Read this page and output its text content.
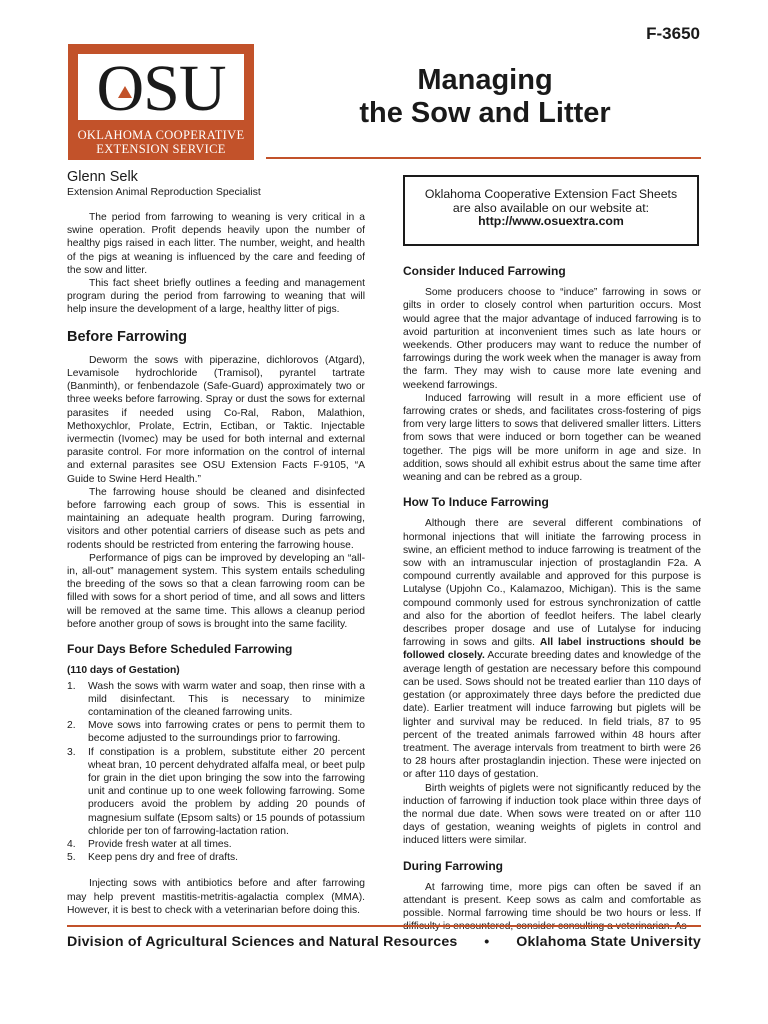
F-3650
OSU
OKLAHOMA COOPERATIVE
EXTENSION SERVICE
Managing
the Sow and Litter
Glenn Selk
Extension Animal Reproduction Specialist	Oklahoma Cooperative Extension Fact Sheets
are also available on our website at:
http://www.osuextra.com

The period from farrowing to weaning is very critical in a swine operation. Profit depends heavily upon the number of healthy pigs raised in each litter. The number, weight, and health of the pigs at weaning is influenced by the care and feeding of the sow and litter.

This fact sheet briefly outlines a feeding and management program during the period from farrowing to weaning that will help insure the development of a large, healthy litter of pigs.

Before Farrowing

Deworm the sows with piperazine, dichlorovos (Atgard), Levamisole hydrochloride (Tramisol), pyrantel tartrate (Banminth), or fenbendazole (Safe-Guard) approximately two or three weeks before farrowing. Spray or dust the sows for external parasites if needed using Co-Ral, Rabon, Malathion, Methoxychlor, Prolate, Ectrin, Ectiban, or Taktic. Injectable ivermectin (Ivomec) may be used for both internal and external parasite control. For more information on the control of internal and external parasites see OSU Extension Facts F-9105, “A Guide to Swine Herd Health.”

The farrowing house should be cleaned and disinfected before farrowing each group of sows. This is essential in maintaining an adequate health program. During farrowing, visitors and other potential carriers of disease such as pets and rodents should be restricted from entering the farrowing house.

Performance of pigs can be improved by developing an “all-in, all-out” management system. This system entails scheduling the breeding of the sows so that a clean farrowing room can be filled with sows for a short period of time, and all sows and litters will be removed at the same time. This allows a cleanup period before another group of sows is brought into the same facility.

Four Days Before Scheduled Farrowing

(110 days of Gestation)

1. Wash the sows with warm water and soap, then rinse with a mild disinfectant. This is necessary to minimize contamination of the cleaned farrowing units.
2. Move sows into farrowing crates or pens to permit them to become adjusted to the surroundings prior to farrowing.
3. If constipation is a problem, substitute either 20 percent wheat bran, 10 percent dehydrated alfalfa meal, or beet pulp for grain in the diet upon bringing the sow into the farrowing unit and continue up to one week following farrowing. Some producers avoid the problem by adding 20 pounds of magnesium sulfate (Epsom salts) or 15 pounds of potassium chloride per ton of farrowing-lactation ration.
4. Provide fresh water at all times.
5. Keep pens dry and free of drafts.

Injecting sows with antibiotics before and after farrowing may help prevent mastitis-metritis-agalactia complex (MMA). However, it is best to check with a veterinarian before doing this.

Consider Induced Farrowing

Some producers choose to “induce” farrowing in sows or gilts in order to closely control when parturition occurs. Most would agree that the major advantage of induced farrowing is to avoid parturition at inconvenient times such as late hours or weekends. Other producers may want to reduce the number of farrowings during the work week when the manager is away from the farm. They may wish to cause more late evening and weekend farrowings.

Induced farrowing will result in a more efficient use of farrowing crates or sheds, and facilitates cross-fostering of pigs from very large litters to sows that delivered smaller litters. Litters from sows that were induced or born together can be weaned together. The pigs will be more uniform in age and size. In addition, sows should all exhibit estrus about the same time after weaning and can be rebred as a group.

How To Induce Farrowing

Although there are several different combinations of hormonal injections that will initiate the farrowing process in swine, an efficient method to induce farrowing is treatment of the sow with an intramuscular injection of prostaglandin F2a. A compound currently available and approved for this purpose is Lutalyse (Upjohn Co., Kalamazoo, Michigan). This is the same compound commonly used for estrous synchronization of cattle and also for the abortion of feedlot heifers. The label clearly describes proper dosage and use of Lutalyse for inducing farrowing in sows and gilts. All label instructions should be followed closely. Accurate breeding dates and knowledge of the average length of gestation are necessary before this compound can be used. Sows should not be treated earlier than 110 days of gestation (or approximately three days before the predicted due date). Earlier treatment will induce farrowing but piglets will be lighter and survival may be reduced. In field trials, 87 to 95 percent of the treated animals farrowed within 48 hours after treatment. The average intervals from treatment to birth were 26 to 28 hours after prostaglandin injection. These were injected on or after 110 days of gestation.

Birth weights of piglets were not significantly reduced by the induction of farrowing if induction took place within three days of the normal due date. When sows were treated on or after 110 days of gestation, weaning weights of piglets in control and induced litters were similar.

During Farrowing

At farrowing time, more pigs can often be saved if an attendant is present. Keep sows as calm and comfortable as possible. Normal farrowing time should be two hours or less. If

Division of Agricultural Sciences and Natural Resources • Oklahoma State University
